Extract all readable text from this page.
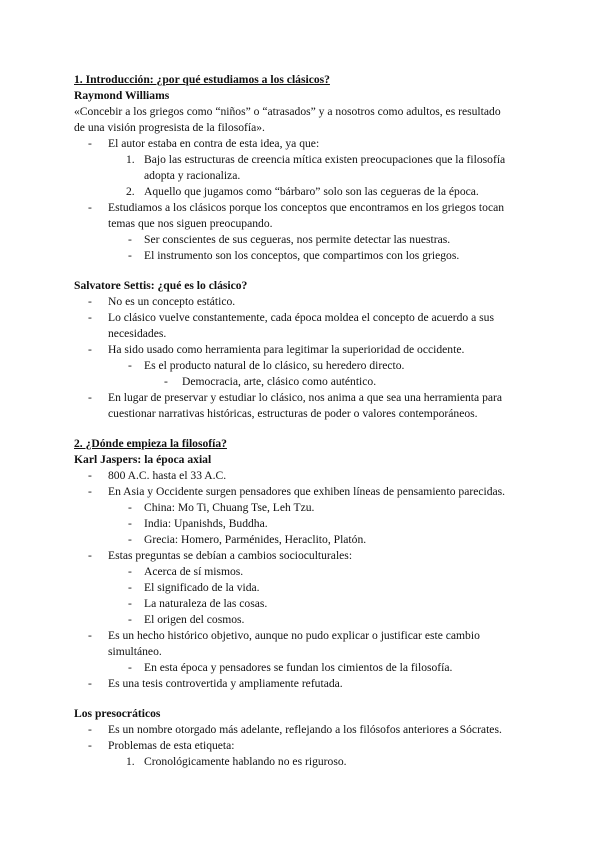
1. Introducción: ¿por qué estudiamos a los clásicos?
Raymond Williams
«Concebir a los griegos como “niños” o “atrasados” y a nosotros como adultos, es resultado
de una visión progresista de la filosofía».
- El autor estaba en contra de esta idea, ya que:
1. Bajo las estructuras de creencia mítica existen preocupaciones que la filosofía
adopta y racionaliza.
2. Aquello que jugamos como “bárbaro” solo son las cegueras de la época.
- Estudiamos a los clásicos porque los conceptos que encontramos en los griegos tocan
temas que nos siguen preocupando.
- Ser conscientes de sus cegueras, nos permite detectar las nuestras.
- El instrumento son los conceptos, que compartimos con los griegos.
Salvatore Settis: ¿qué es lo clásico?
- No es un concepto estático.
- Lo clásico vuelve constantemente, cada época moldea el concepto de acuerdo a sus
necesidades.
- Ha sido usado como herramienta para legitimar la superioridad de occidente.
- Es el producto natural de lo clásico, su heredero directo.
- Democracia, arte, clásico como auténtico.
- En lugar de preservar y estudiar lo clásico, nos anima a que sea una herramienta para
cuestionar narrativas históricas, estructuras de poder o valores contemporáneos.
2. ¿Dónde empieza la filosofía?
Karl Jaspers: la época axial
- 800 A.C. hasta el 33 A.C.
- En Asia y Occidente surgen pensadores que exhiben líneas de pensamiento parecidas.
- China: Mo Ti, Chuang Tse, Leh Tzu.
- India: Upanishds, Buddha.
- Grecia: Homero, Parménides, Heraclito, Platón.
- Estas preguntas se debían a cambios socioculturales:
- Acerca de sí mismos.
- El significado de la vida.
- La naturaleza de las cosas.
- El origen del cosmos.
- Es un hecho histórico objetivo, aunque no pudo explicar o justificar este cambio
simultáneo.
- En esta época y pensadores se fundan los cimientos de la filosofía.
- Es una tesis controvertida y ampliamente refutada.
Los presocráticos
- Es un nombre otorgado más adelante, reflejando a los filósofos anteriores a Sócrates.
- Problemas de esta etiqueta:
1. Cronológicamente hablando no es riguroso.
